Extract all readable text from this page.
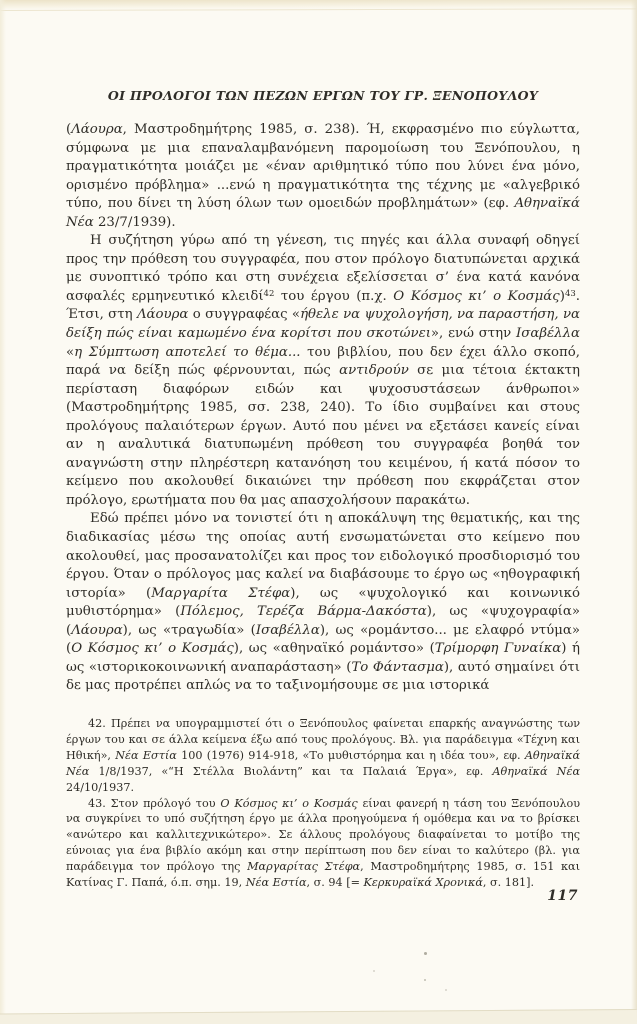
ΟΙ ΠΡΟΛΟΓΟΙ ΤΩΝ ΠΕΖΩΝ ΕΡΓΩΝ ΤΟΥ ΓΡ. ΞΕΝΟΠΟΥΛΟΥ

(Λάουρα, Μαστροδημήτρης 1985, σ. 238). Ή, εκφρασμένο πιο εύγλωττα, σύμφωνα με μια επαναλαμβανόμενη παρομοίωση του Ξενόπουλου, η πραγματικότητα μοιάζει με «έναν αριθμητικό τύπο που λύνει ένα μόνο, ορισμένο πρόβλημα» ...ενώ η πραγματικότητα της τέχνης με «αλγεβρικό τύπο, που δίνει τη λύση όλων των ομοειδών προβλημάτων» (εφ. Αθηναϊκά Νέα 23/7/1939).

Η συζήτηση γύρω από τη γένεση, τις πηγές και άλλα συναφή οδηγεί προς την πρόθεση του συγγραφέα, που στον πρόλογο διατυπώνεται αρχικά με συνοπτικό τρόπο και στη συνέχεια εξελίσσεται σ’ ένα κατά κανόνα ασφαλές ερμηνευτικό κλειδί$^{42}$ του έργου (π.χ. Ο Κόσμος κι’ ο Κοσμάς)$^{43}$. Έτσι, στη Λάουρα ο συγγραφέας «ήθελε να ψυχολογήση, να παραστήση, να δείξη πώς είναι καμωμένο ένα κορίτσι που σκοτώνει», ενώ στην Ισαβέλλα «η Σύμπτωση αποτελεί το θέμα... του βιβλίου, που δεν έχει άλλο σκοπό, παρά να δείξη πώς φέρνουνται, πώς αντιδρούν σε μια τέτοια έκτακτη περίσταση διαφόρων ειδών και ψυχοσυστάσεων άνθρωποι» (Μαστροδημήτρης 1985, σσ. 238, 240). Το ίδιο συμβαίνει και στους προλόγους παλαιότερων έργων. Αυτό που μένει να εξετάσει κανείς είναι αν η αναλυτικά διατυπωμένη πρόθεση του συγγραφέα βοηθά τον αναγνώστη στην πληρέστερη κατανόηση του κειμένου, ή κατά πόσον το κείμενο που ακολουθεί δικαιώνει την πρόθεση που εκφράζεται στον πρόλογο, ερωτήματα που θα μας απασχολήσουν παρακάτω.

Εδώ πρέπει μόνο να τονιστεί ότι η αποκάλυψη της θεματικής, και της διαδικασίας μέσω της οποίας αυτή ενσωματώνεται στο κείμενο που ακολουθεί, μας προσανατολίζει και προς τον ειδολογικό προσδιορισμό του έργου. Όταν ο πρόλογος μας καλεί να διαβάσουμε το έργο ως «ηθογραφική ιστορία» (Μαργαρίτα Στέφα), ως «ψυχολογικό και κοινωνικό μυθιστόρημα» (Πόλεμος, Τερέζα Βάρμα-Δακόστα), ως «ψυχογραφία» (Λάουρα), ως «τραγωδία» (Ισαβέλλα), ως «ρομάντσο... με ελαφρό ντύμα» (Ο Κόσμος κι’ ο Κοσμάς), ως «αθηναϊκό ρομάντσο» (Τρίμορφη Γυναίκα) ή ως «ιστορικοκοινωνική αναπαράσταση» (Το Φάντασμα), αυτό σημαίνει ότι δε μας προτρέπει απλώς να το ταξινομήσουμε σε μια ιστορικά

42. Πρέπει να υπογραμμιστεί ότι ο Ξενόπουλος φαίνεται επαρκής αναγνώστης των έργων του και σε άλλα κείμενα έξω από τους προλόγους. Βλ. για παράδειγμα «Τέχνη και Ηθική», Νέα Εστία 100 (1976) 914-918, «Το μυθιστόρημα και η ιδέα του», εφ. Αθηναϊκά Νέα 1/8/1937, «“Η Στέλλα Βιολάντη” και τα Παλαιά Έργα», εφ. Αθηναϊκά Νέα 24/10/1937.

43. Στον πρόλογό του Ο Κόσμος κι’ ο Κοσμάς είναι φανερή η τάση του Ξενόπουλου να συγκρίνει το υπό συζήτηση έργο με άλλα προηγούμενα ή ομόθεμα και να το βρίσκει «ανώτερο και καλλιτεχνικώτερο». Σε άλλους προλόγους διαφαίνεται το μοτίβο της εύνοιας για ένα βιβλίο ακόμη και στην περίπτωση που δεν είναι το καλύτερο (βλ. για παράδειγμα τον πρόλογο της Μαργαρίτας Στέφα, Μαστροδημήτρης 1985, σ. 151 και Κατίνας Γ. Παπά, ό.π. σημ. 19, Νέα Εστία, σ. 94 [= Κερκυραϊκά Χρονικά, σ. 181].

117
